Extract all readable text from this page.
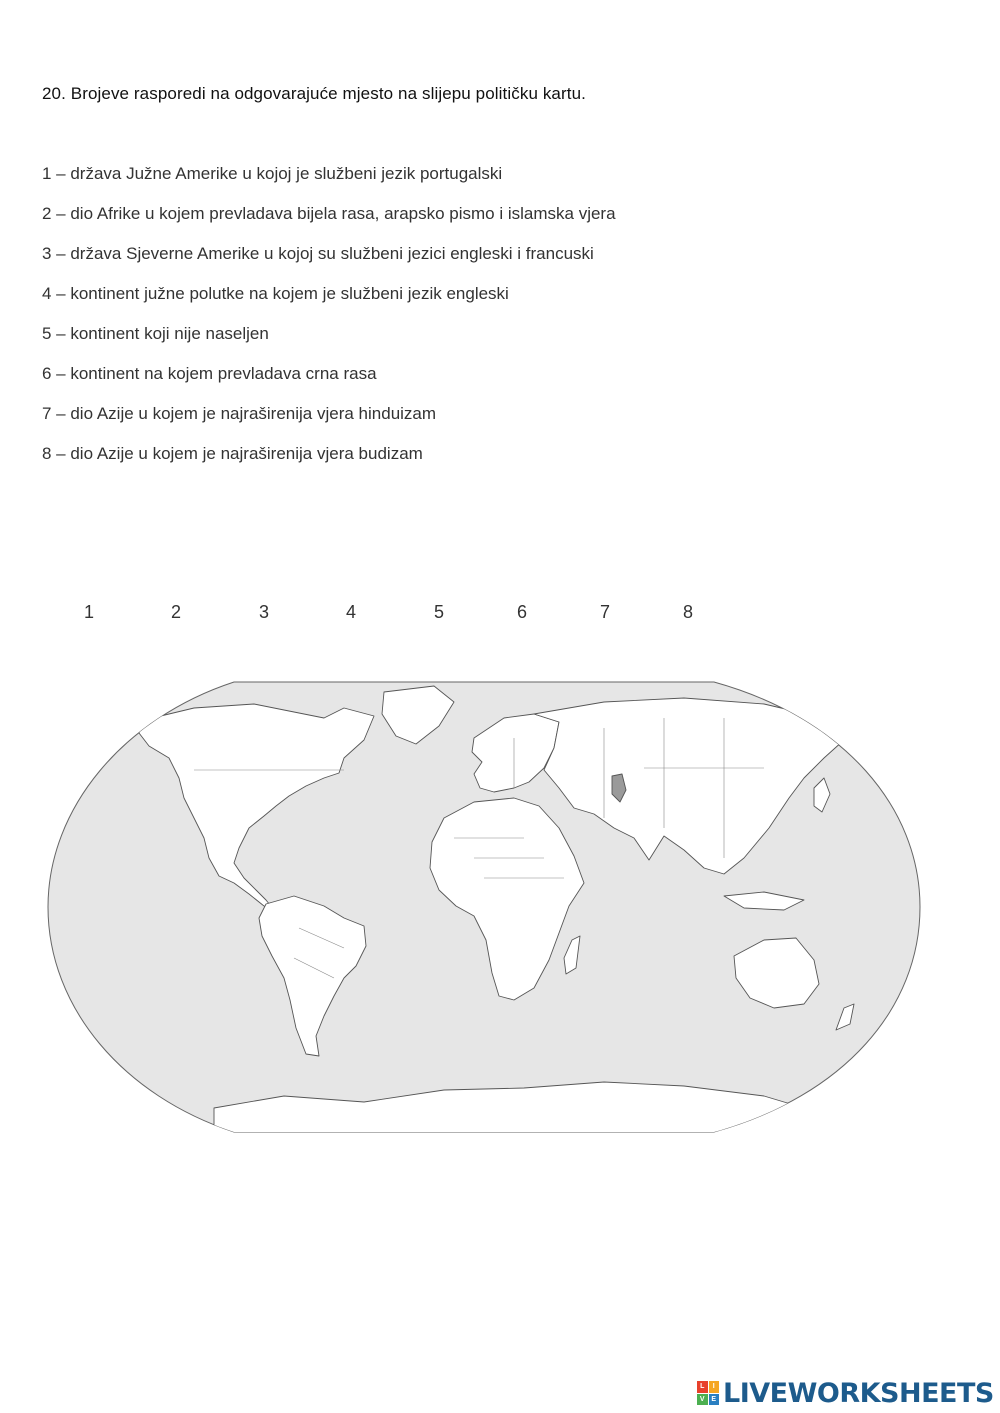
20. Brojeve rasporedi na odgovarajuće mjesto na slijepu političku kartu.
1 – država Južne Amerike u kojoj je službeni jezik portugalski
2 – dio Afrike u kojem prevladava bijela rasa, arapsko pismo i islamska vjera
3 – država Sjeverne Amerike u kojoj su službeni jezici engleski i francuski
4 – kontinent južne polutke na kojem je službeni jezik engleski
5 – kontinent koji nije naseljen
6 – kontinent na kojem prevladava crna rasa
7 – dio Azije u kojem je najraširenija vjera hinduizam
8 – dio Azije u kojem je najraširenija vjera budizam
1	2	3	4	5	6	7	8
L	I
V E LIVEWORKSHEETS
